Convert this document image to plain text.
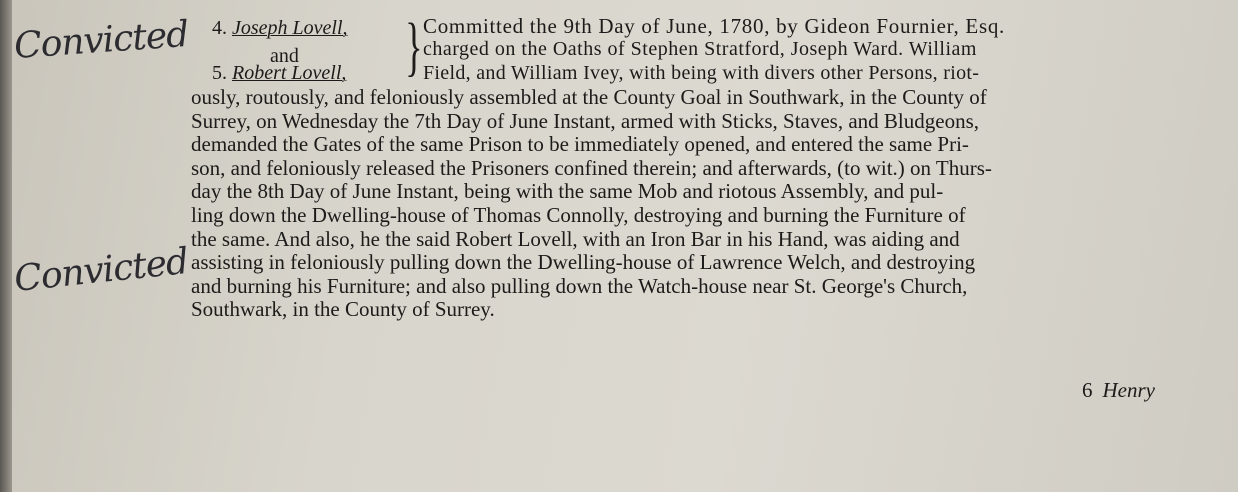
Convicted
Convicted
4. Joseph Lovell,
and
5. Robert Lovell, } Committed the 9th Day of June, 1780, by Gideon Fournier, Esq.
charged on the Oaths of Stephen Stratford, Joseph Ward. William
Field, and William Ivey, with being with divers other Persons, riot-
ously, routously, and feloniously assembled at the County Goal in Southwark, in the County of
Surrey, on Wednesday the 7th Day of June Instant, armed with Sticks, Staves, and Bludgeons,
demanded the Gates of the same Prison to be immediately opened, and entered the same Pri-
son, and feloniously released the Prisoners confined therein; and afterwards, (to wit.) on Thurs-
day the 8th Day of June Instant, being with the same Mob and riotous Assembly, and pul-
ling down the Dwelling-house of Thomas Connolly, destroying and burning the Furniture of
the same. And also, he the said Robert Lovell, with an Iron Bar in his Hand, was aiding and
assisting in feloniously pulling down the Dwelling-house of Lawrence Welch, and destroying
and burning his Furniture; and also pulling down the Watch-house near St. George's Church,
Southwark, in the County of Surrey.
6 Henry
